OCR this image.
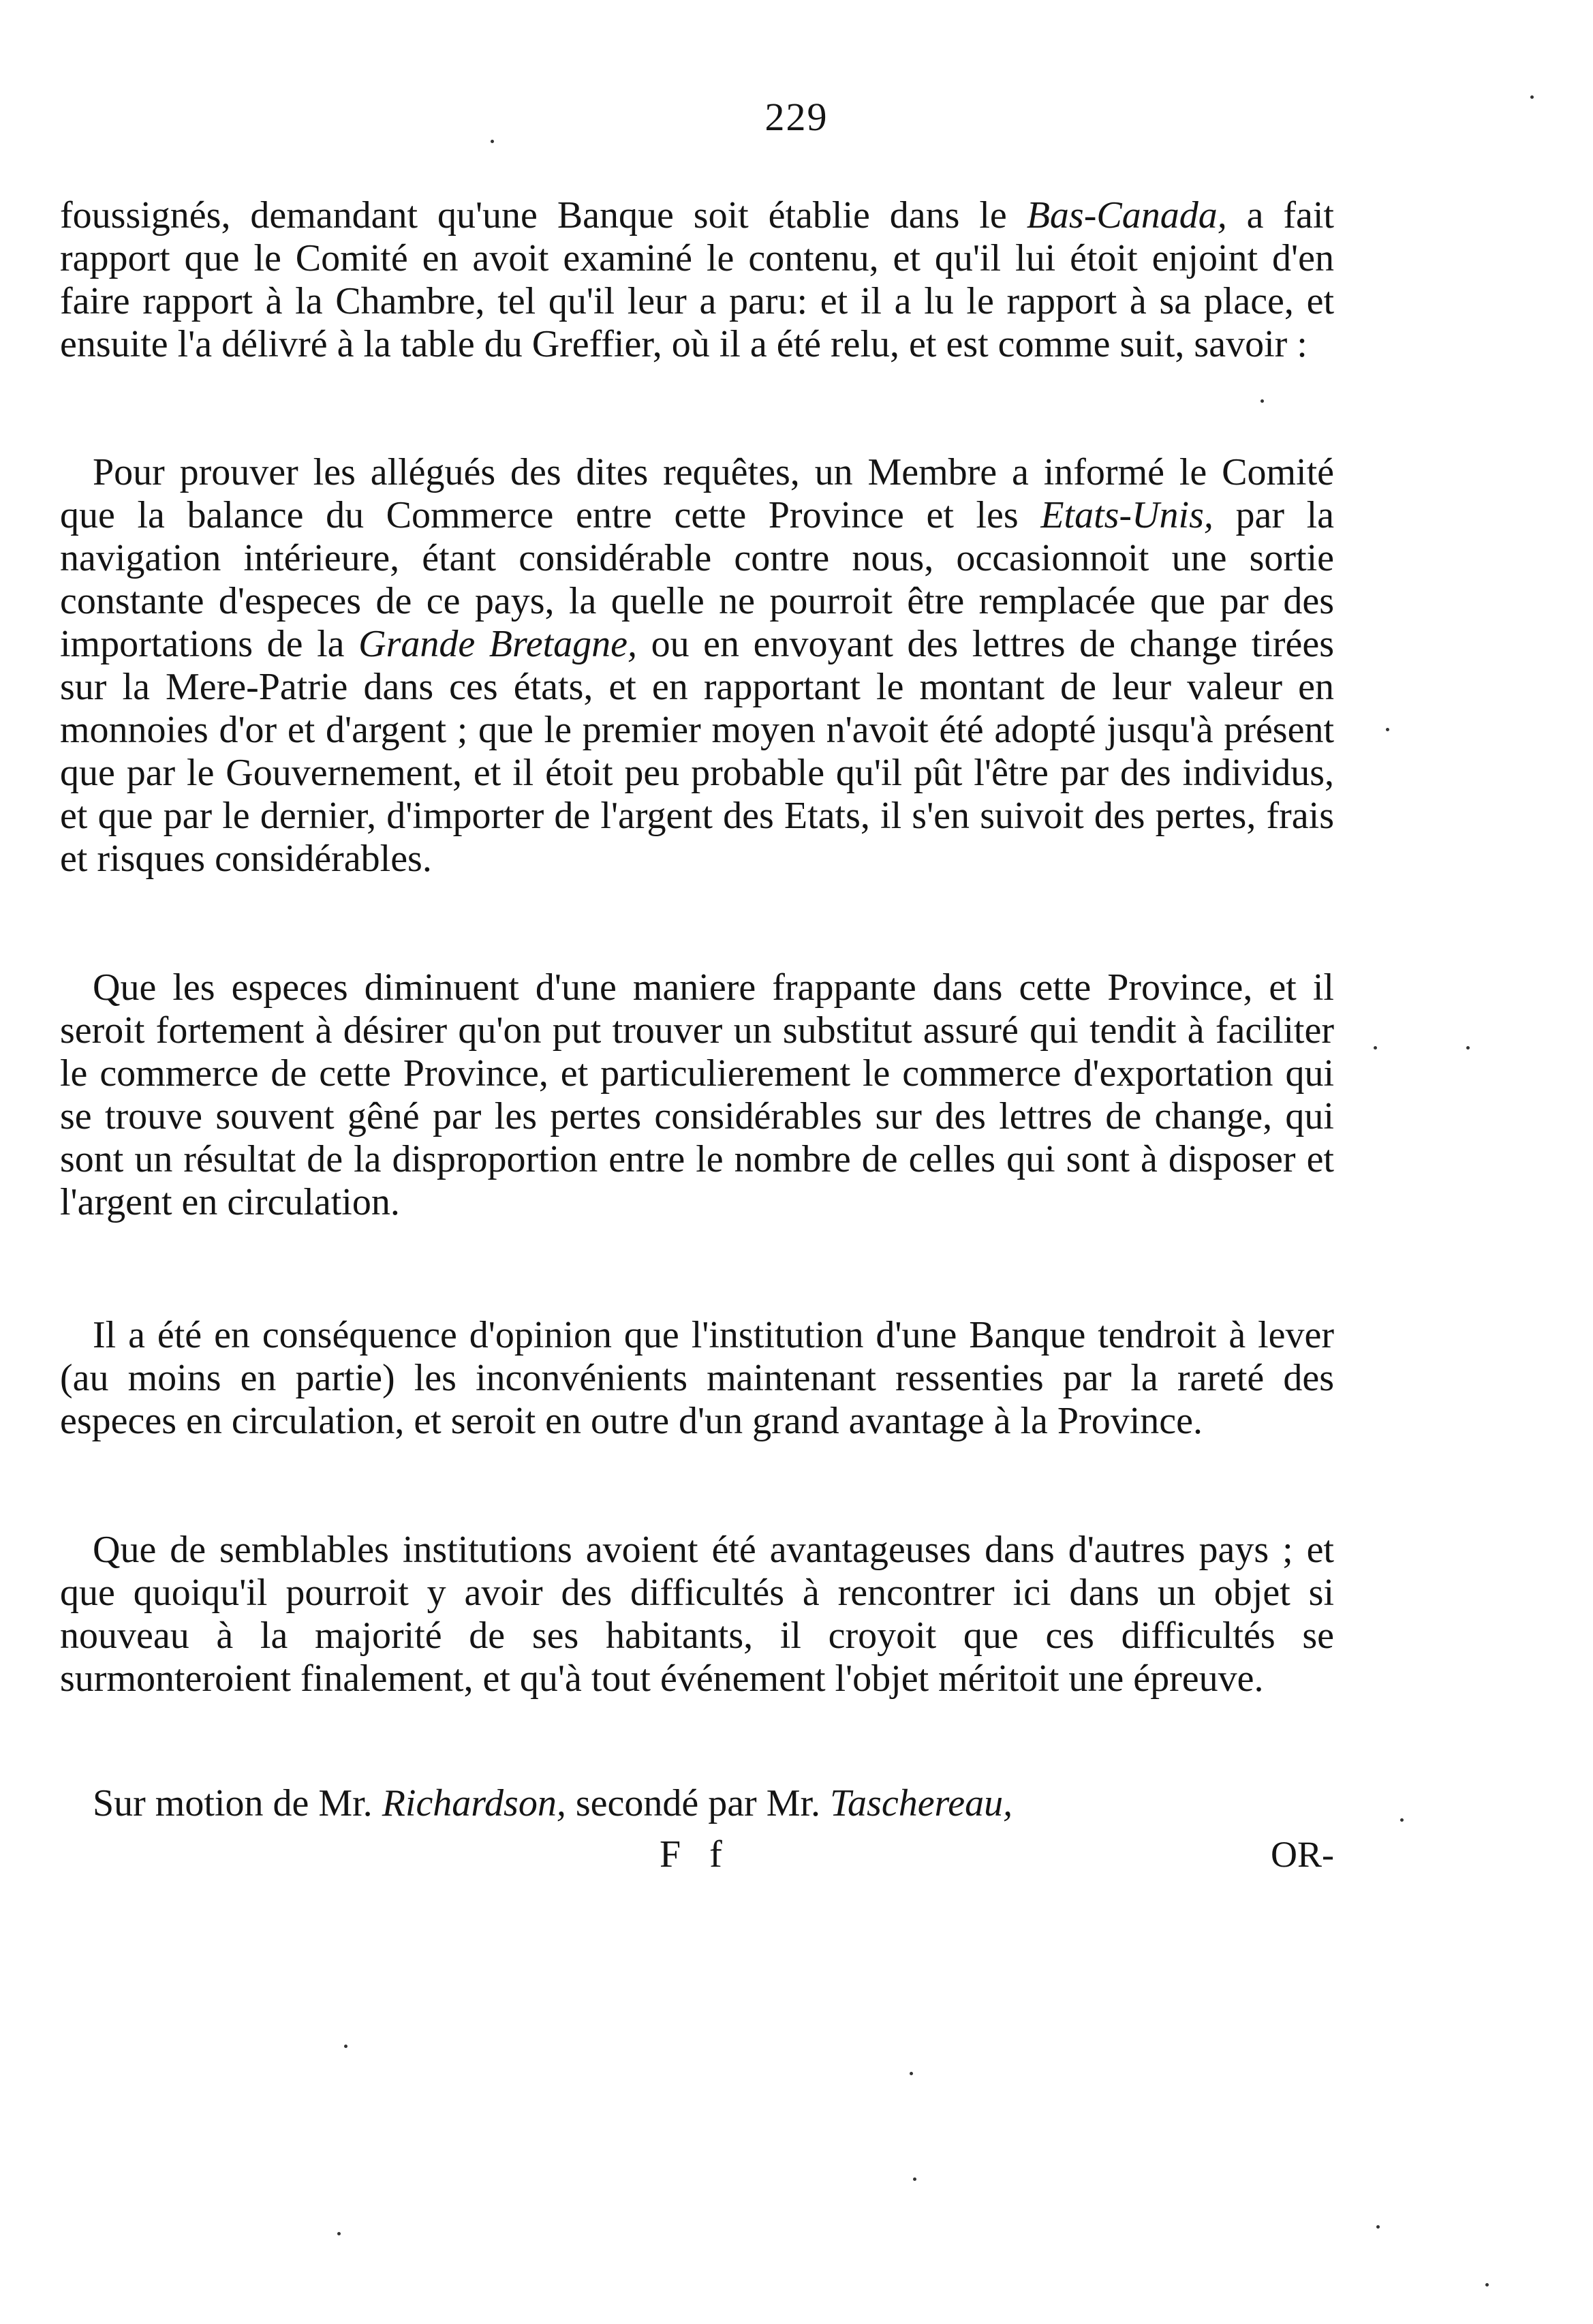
229

foussignés, demandant qu'une Banque soit établie dans le Bas-Canada, a fait rapport que le Comité en avoit examiné le contenu, et qu'il lui étoit enjoint d'en faire rapport à la Chambre, tel qu'il leur a paru: et il a lu le rapport à sa place, et ensuite l'a délivré à la table du Greffier, où il a été relu, et est comme suit, savoir :

Pour prouver les allégués des dites requêtes, un Membre a informé le Comité que la balance du Commerce entre cette Province et les Etats-Unis, par la navigation intérieure, étant considérable contre nous, occasionnoit une sortie constante d'especes de ce pays, la quelle ne pourroit être remplacée que par des importations de la Grande Bretagne, ou en envoyant des lettres de change tirées sur la Mere-Patrie dans ces états, et en rapportant le montant de leur valeur en monnoies d'or et d'argent ; que le premier moyen n'avoit été adopté jusqu'à présent que par le Gouvernement, et il étoit peu probable qu'il pût l'être par des individus, et que par le dernier, d'importer de l'argent des Etats, il s'en suivoit des pertes, frais et risques considérables.

Que les especes diminuent d'une maniere frappante dans cette Province, et il seroit fortement à désirer qu'on put trouver un substitut assuré qui tendit à faciliter le commerce de cette Province, et particulierement le commerce d'exportation qui se trouve souvent gêné par les pertes considérables sur des lettres de change, qui sont un résultat de la disproportion entre le nombre de celles qui sont à disposer et l'argent en circulation.

Il a été en conséquence d'opinion que l'institution d'une Banque tendroit à lever (au moins en partie) les inconvénients maintenant ressenties par la rareté des especes en circulation, et seroit en outre d'un grand avantage à la Province.

Que de semblables institutions avoient été avantageuses dans d'autres pays ; et que quoiqu'il pourroit y avoir des difficultés à rencontrer ici dans un objet si nouveau à la majorité de ses habitants, il croyoit que ces difficultés se surmonteroient finalement, et qu'à tout événement l'objet méritoit une épreuve.

Sur motion de Mr. Richardson, secondé par Mr. Taschereau,

F f	OR-
